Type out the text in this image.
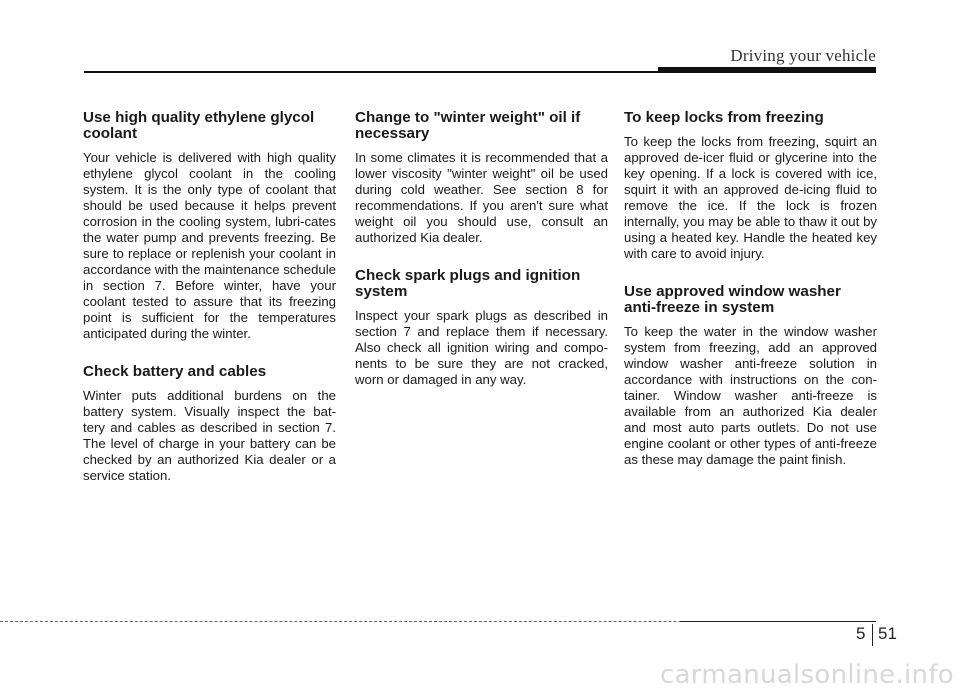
Driving your vehicle
Use high quality ethylene glycol coolant

Your vehicle is delivered with high quality ethylene glycol coolant in the cooling system. It is the only type of coolant that should be used because it helps prevent corrosion in the cooling system, lubri-cates the water pump and prevents freezing. Be sure to replace or replenish your coolant in accordance with the maintenance schedule in section 7. Before winter, have your coolant tested to assure that its freezing point is sufficient for the temperatures anticipated during the winter.

Check battery and cables

Winter puts additional burdens on the battery system. Visually inspect the bat-tery and cables as described in section 7. The level of charge in your battery can be checked by an authorized Kia dealer or a service station.

Change to "winter weight" oil if necessary

In some climates it is recommended that a lower viscosity "winter weight" oil be used during cold weather. See section 8 for recommendations. If you aren't sure what weight oil you should use, consult an authorized Kia dealer.

Check spark plugs and ignition system

Inspect your spark plugs as described in section 7 and replace them if necessary. Also check all ignition wiring and compo-nents to be sure they are not cracked, worn or damaged in any way.

To keep locks from freezing

To keep the locks from freezing, squirt an approved de-icer fluid or glycerine into the key opening. If a lock is covered with ice, squirt it with an approved de-icing fluid to remove the ice. If the lock is frozen internally, you may be able to thaw it out by using a heated key. Handle the heated key with care to avoid injury.

Use approved window washer anti-freeze in system

To keep the water in the window washer system from freezing, add an approved window washer anti-freeze solution in accordance with instructions on the con-tainer. Window washer anti-freeze is available from an authorized Kia dealer and most auto parts outlets. Do not use engine coolant or other types of anti-freeze as these may damage the paint finish.

5 51
carmanualsonline.info
